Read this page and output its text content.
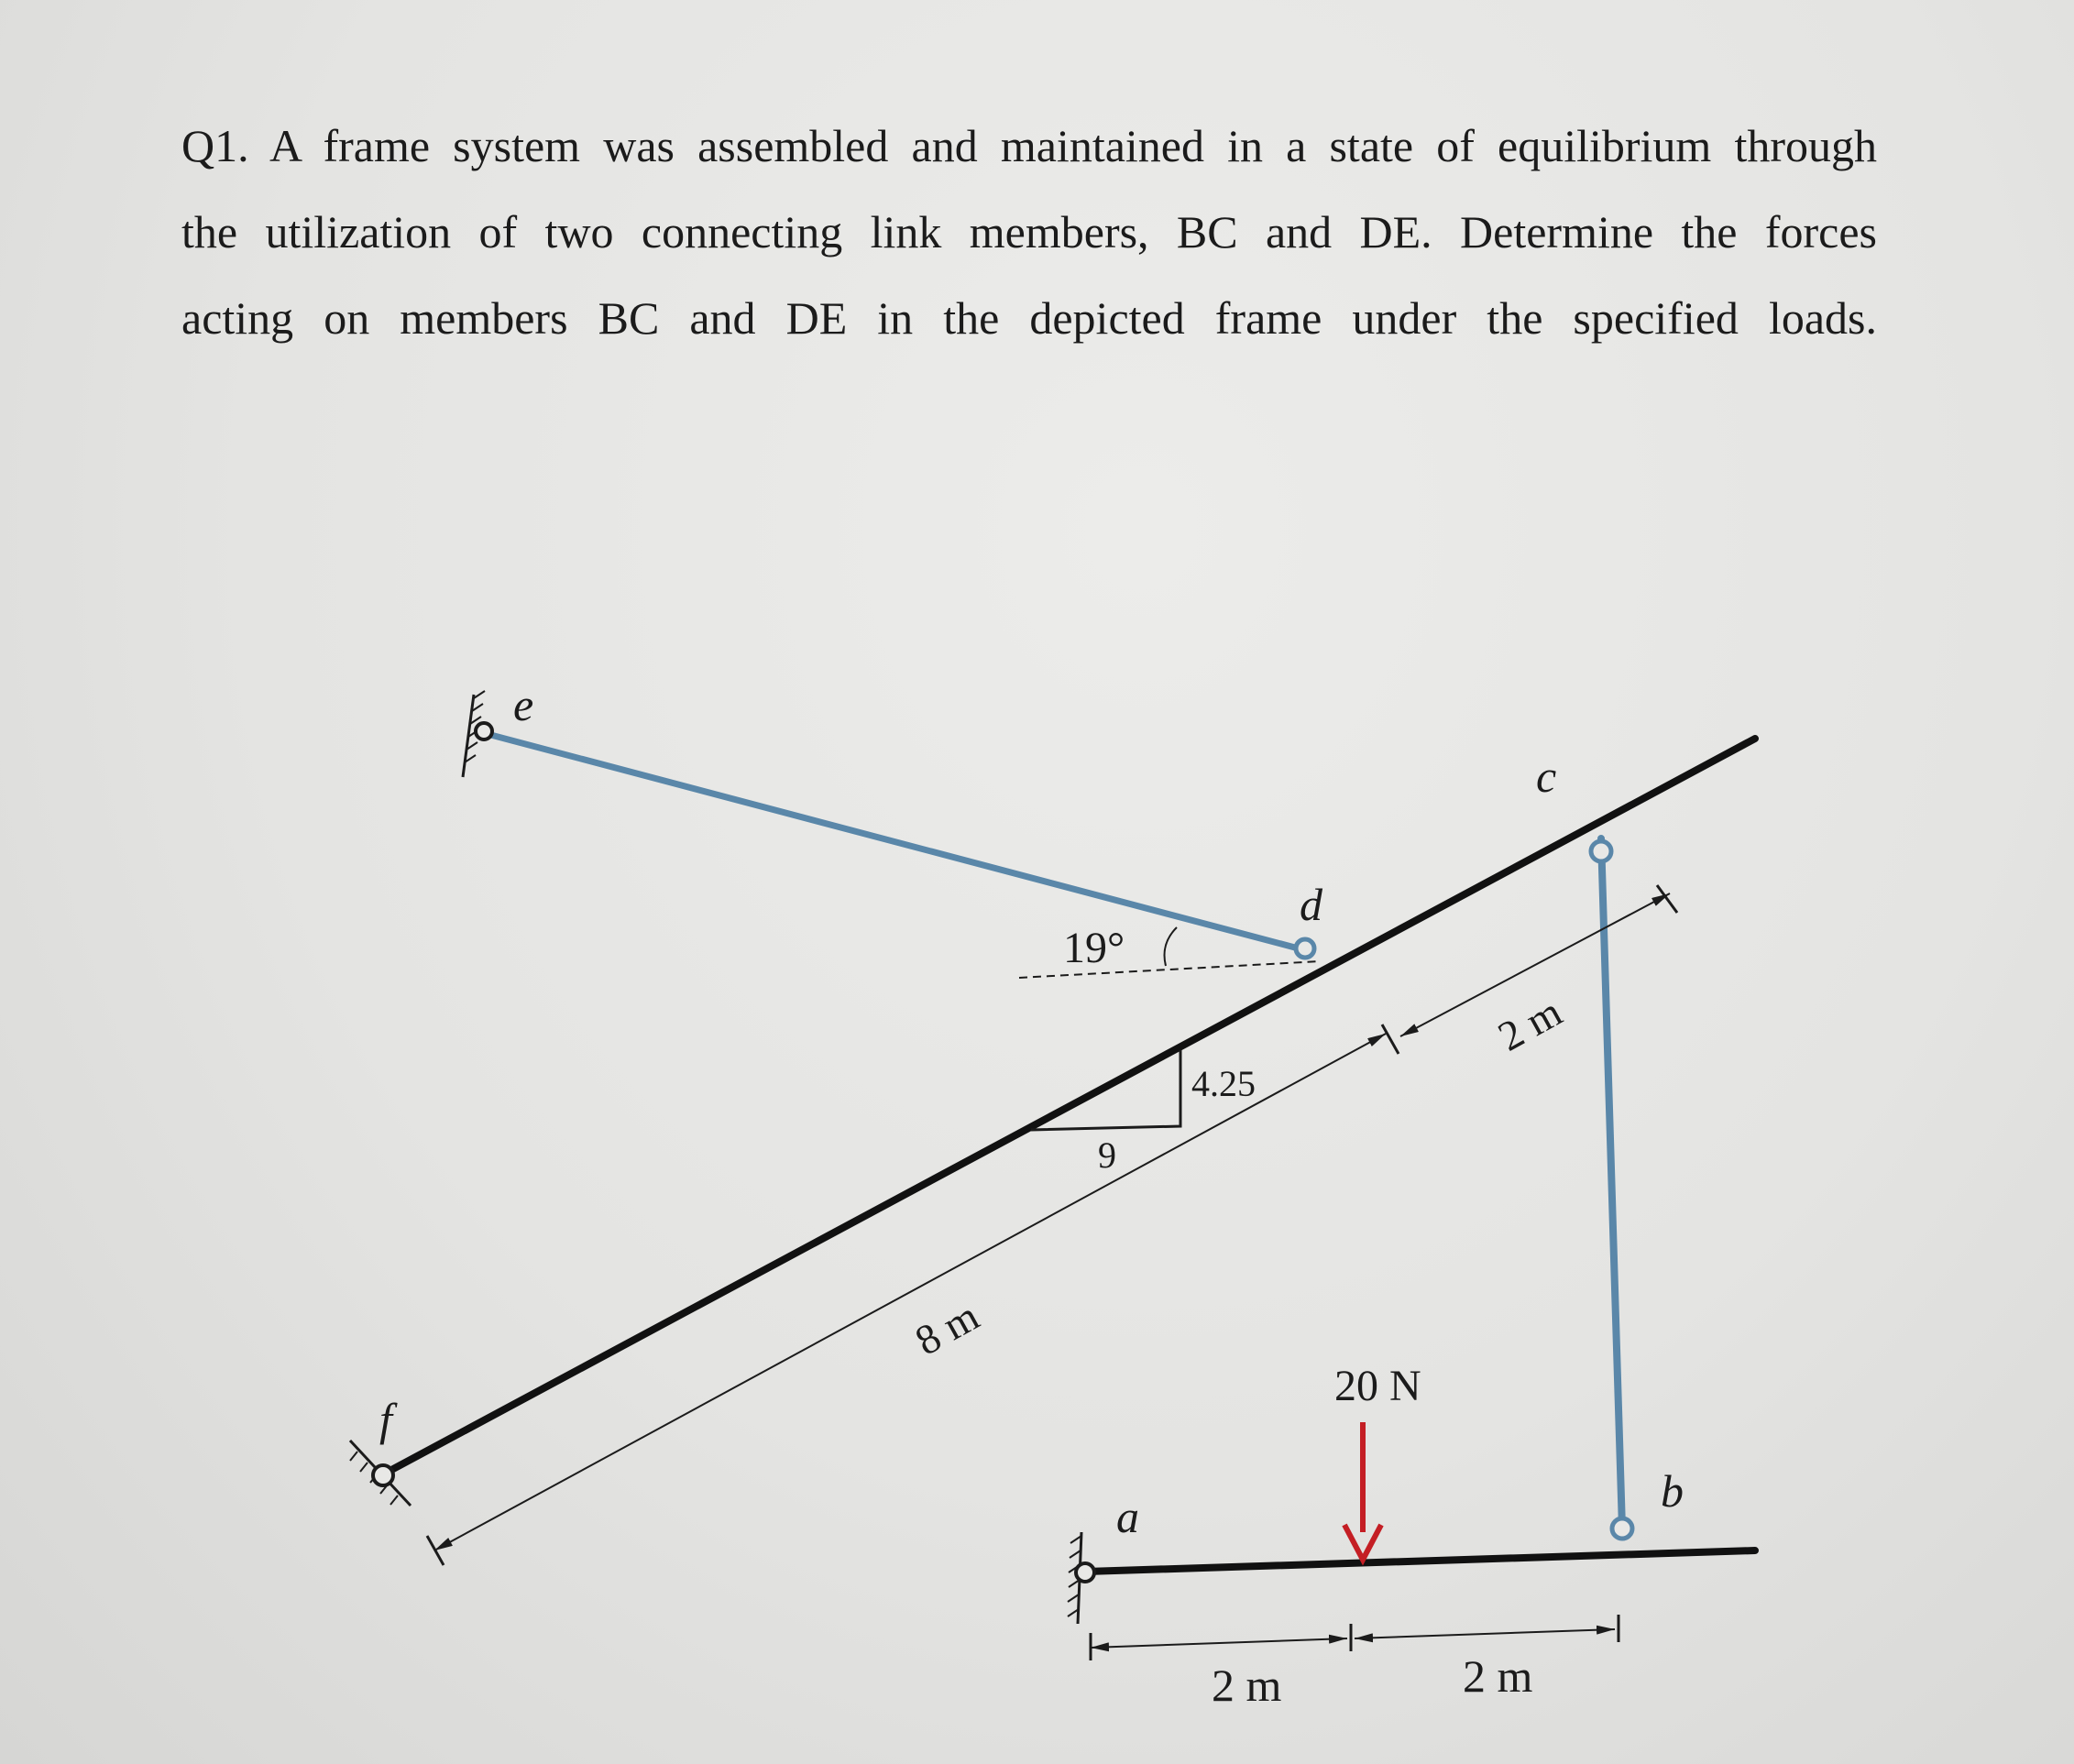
Q1. A frame system was assembled and maintained in a state of equilibrium through
the utilization of two connecting link members, BC and DE. Determine the forces
acting on members BC and DE in the depicted frame under the specified loads.
19°
4.25
9
8 m
2 m
2 m	2 m
20 N
e
f
a	b
c
d
